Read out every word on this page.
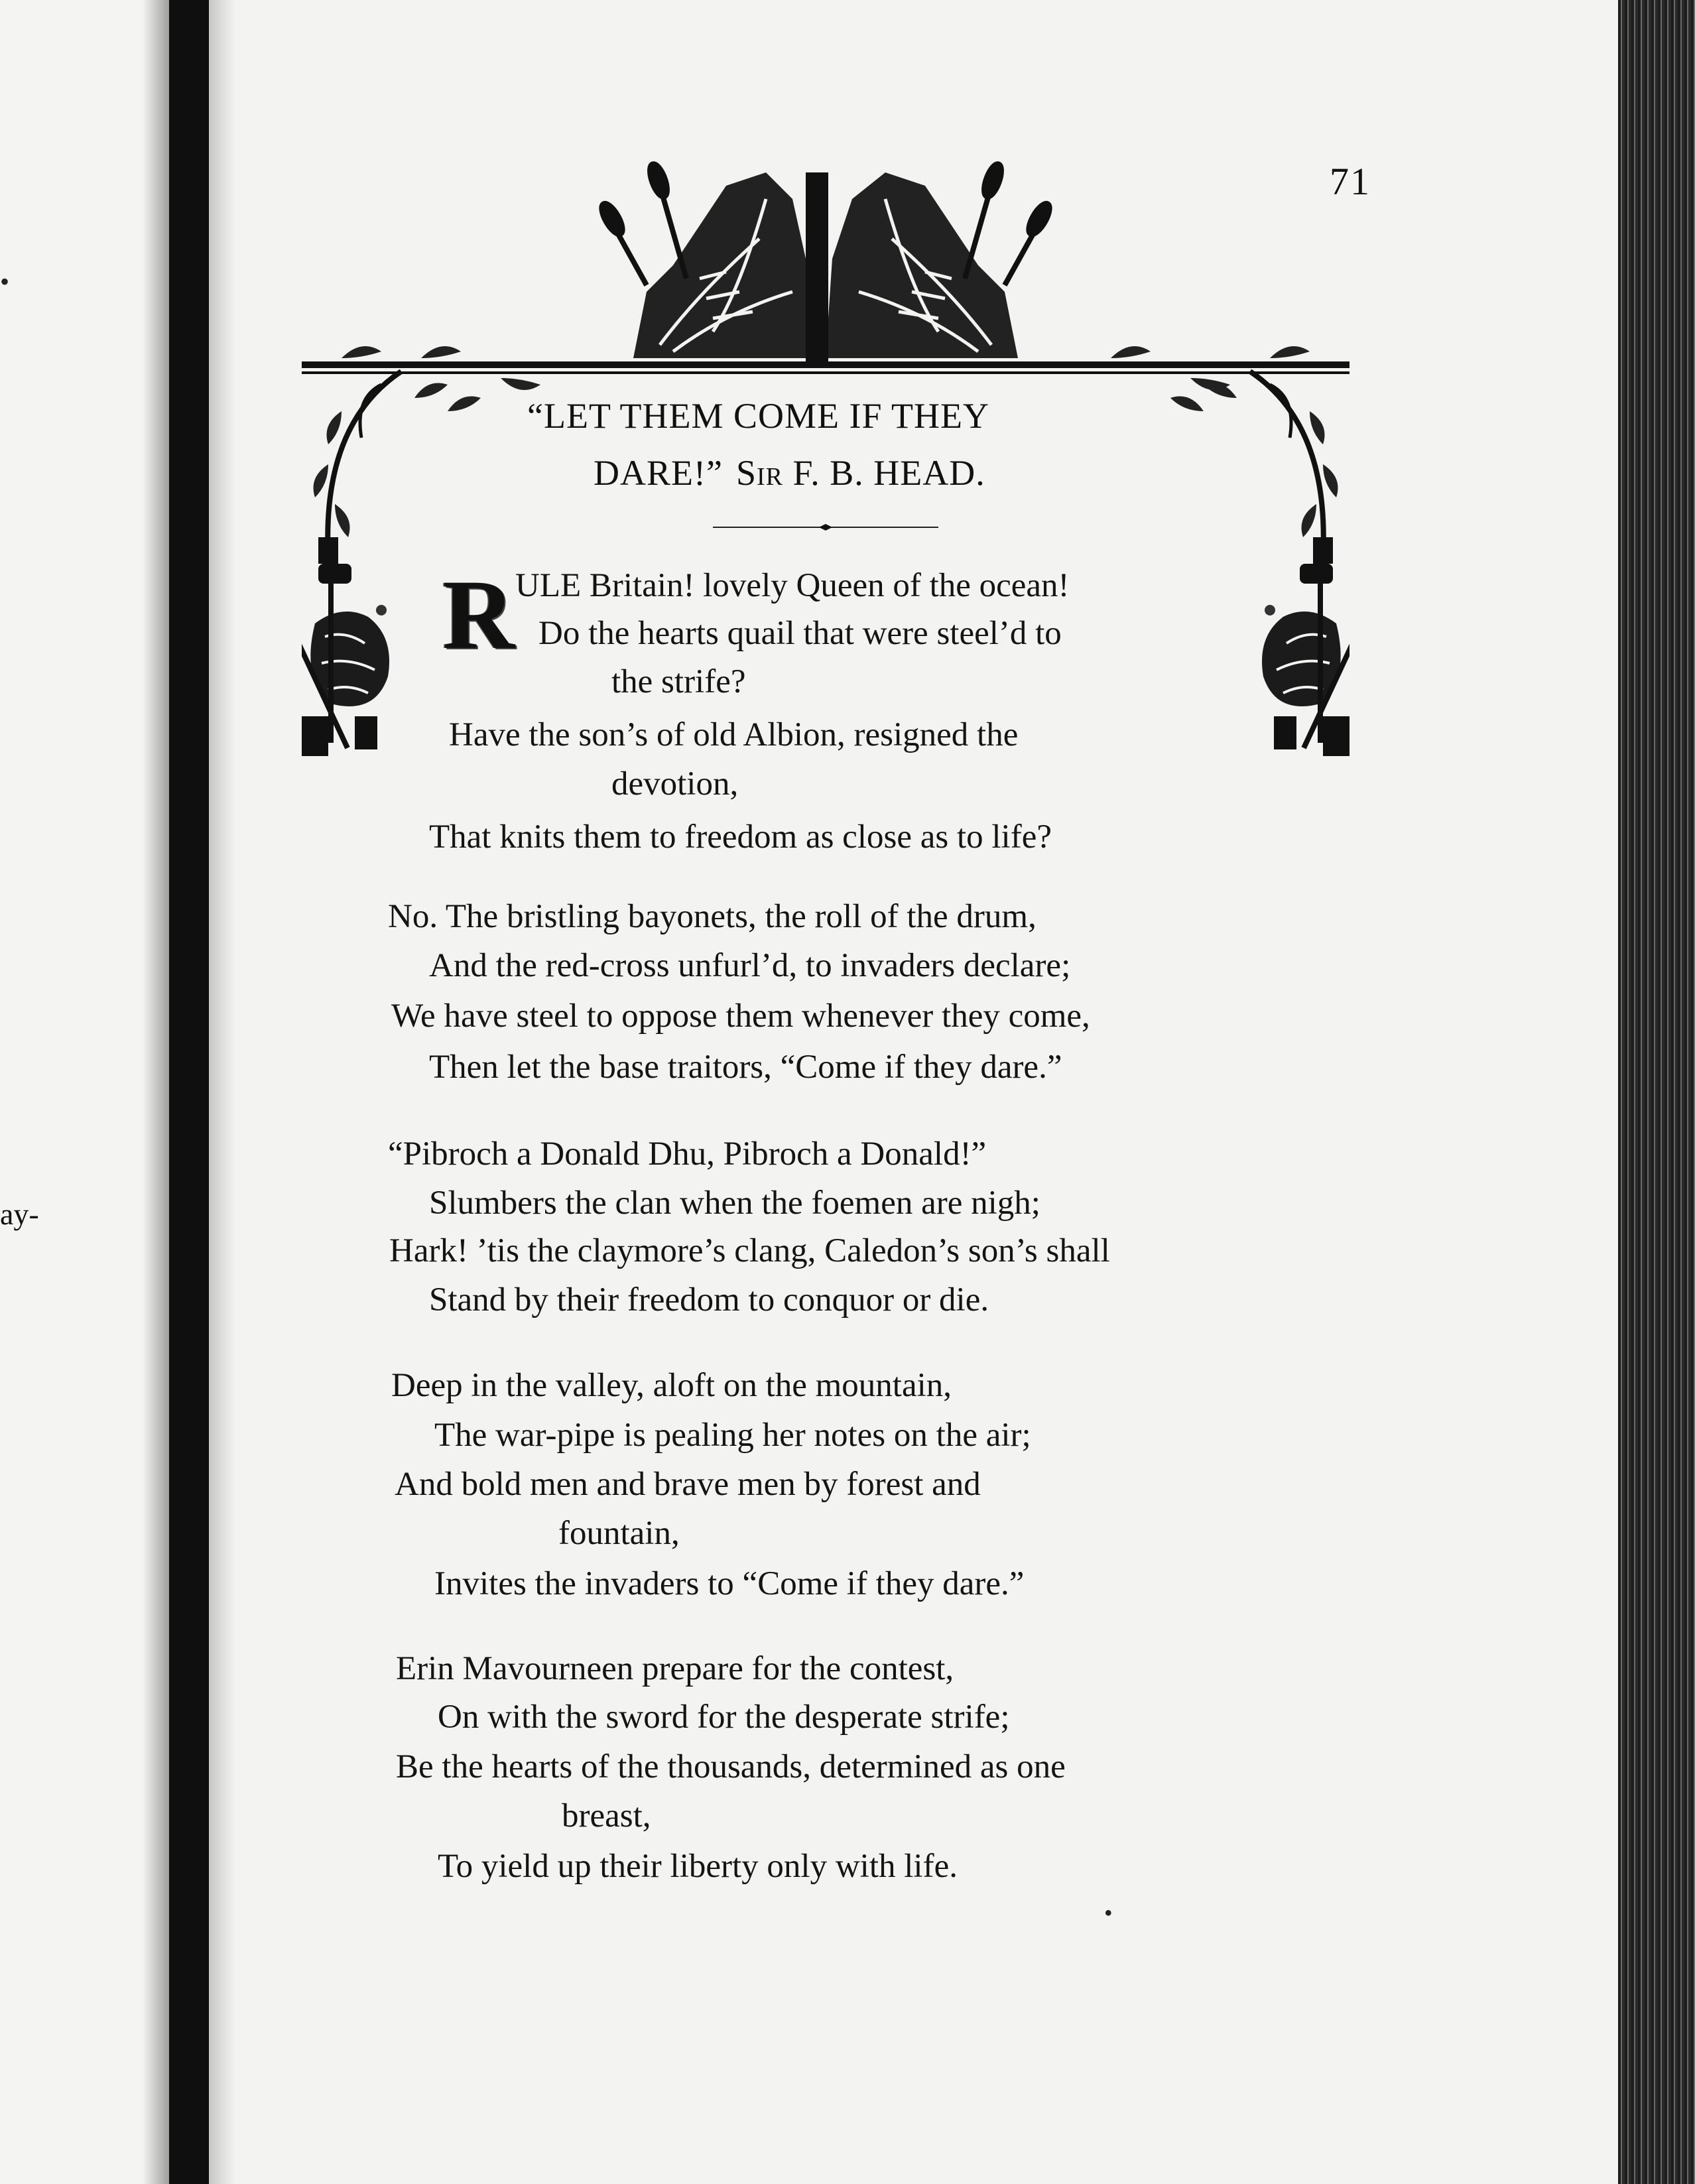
•
ay-
71
“LET THEM COME IF THEY
DARE!” Sir F. B. HEAD.
R ULE Britain! lovely Queen of the ocean!
Do the hearts quail that were steel’d to
the strife?
Have the son’s of old Albion, resigned the
devotion,
That knits them to freedom as close as to life?
No. The bristling bayonets, the roll of the drum,
And the red-cross unfurl’d, to invaders declare;
We have steel to oppose them whenever they come,
Then let the base traitors, “Come if they dare.”
“Pibroch a Donald Dhu, Pibroch a Donald!”
Slumbers the clan when the foemen are nigh;
Hark! ’tis the claymore’s clang, Caledon’s son’s shall
Stand by their freedom to conquor or die.
Deep in the valley, aloft on the mountain,
The war-pipe is pealing her notes on the air;
And bold men and brave men by forest and
fountain,
Invites the invaders to “Come if they dare.”
Erin Mavourneen prepare for the contest,
On with the sword for the desperate strife;
Be the hearts of the thousands, determined as one
breast,
To yield up their liberty only with life.
•
